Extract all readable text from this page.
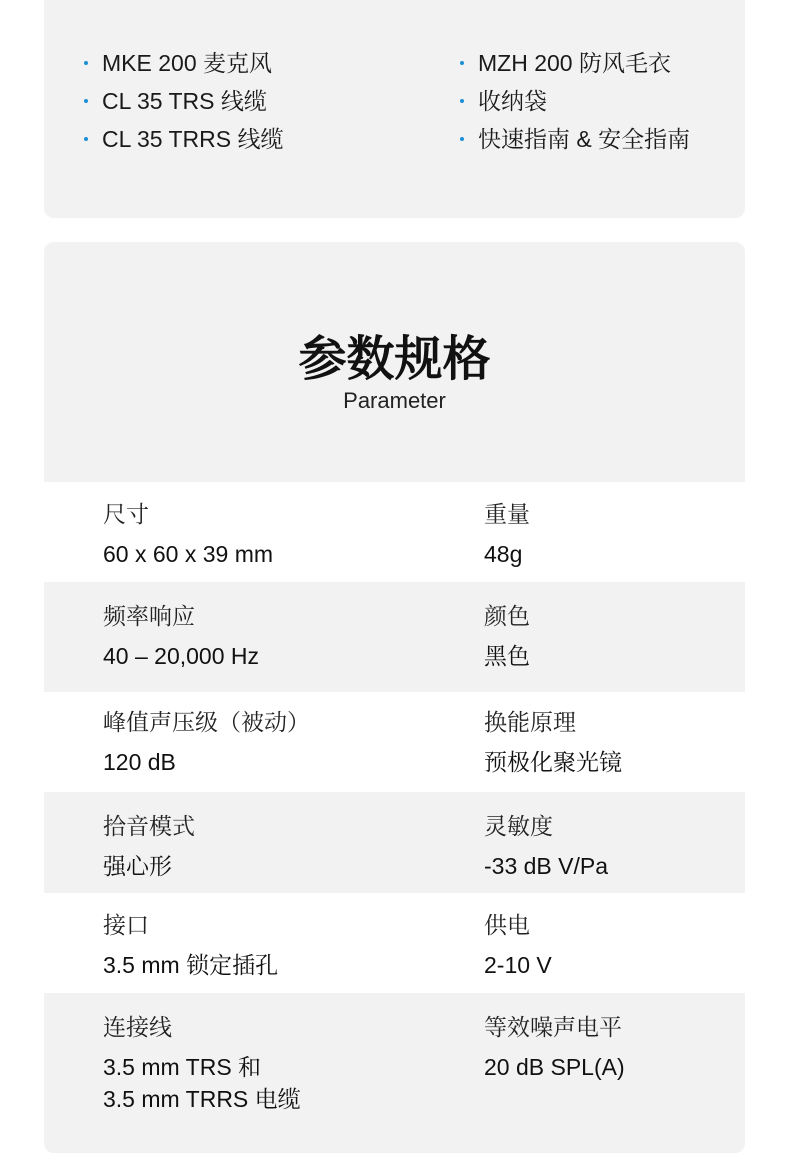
MKE 200 麦克风
CL 35 TRS 线缆
CL 35 TRRS 线缆
MZH 200 防风毛衣
收纳袋
快速指南 & 安全指南
参数规格
Parameter
尺寸
60 x 60 x 39 mm
重量
48g
频率响应
40 – 20,000 Hz
颜色
黑色
峰值声压级（被动）
120 dB
换能原理
预极化聚光镜
拾音模式
强心形
灵敏度
-33 dB V/Pa
接口
3.5 mm 锁定插孔
供电
2-10 V
连接线
3.5 mm TRS 和
3.5 mm TRRS 电缆
等效噪声电平
20 dB SPL(A)
